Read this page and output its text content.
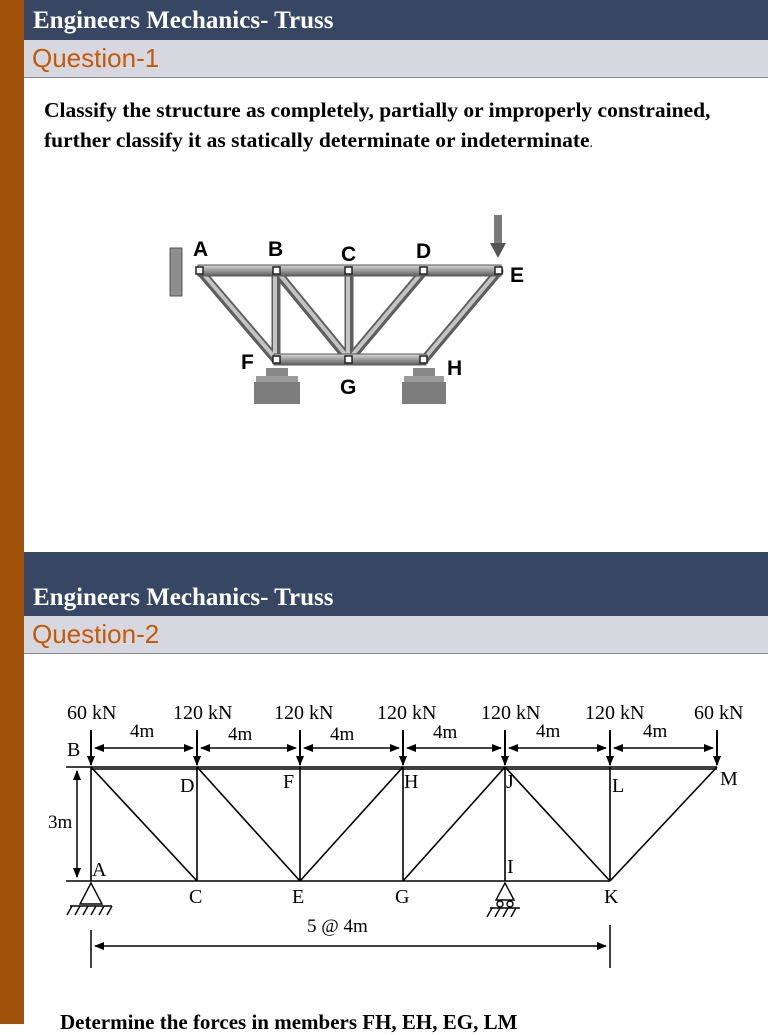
Engineers Mechanics- Truss
Question-1
Classify the structure as completely, partially or improperly constrained, further classify it as statically determinate or indeterminate.
A	B	C	D
E
F
G
H
Engineers Mechanics- Truss
Question-2
60 kN	120 kN 120 kN 120 kN 120 kN 120 kN 60 kN
4m	4m	4m	4m	4m	4m
B
D	F	H	J	L	M
A
C	E	G
I
K
3m
5 @ 4m
Determine the forces in members FH, EH, EG, LM
